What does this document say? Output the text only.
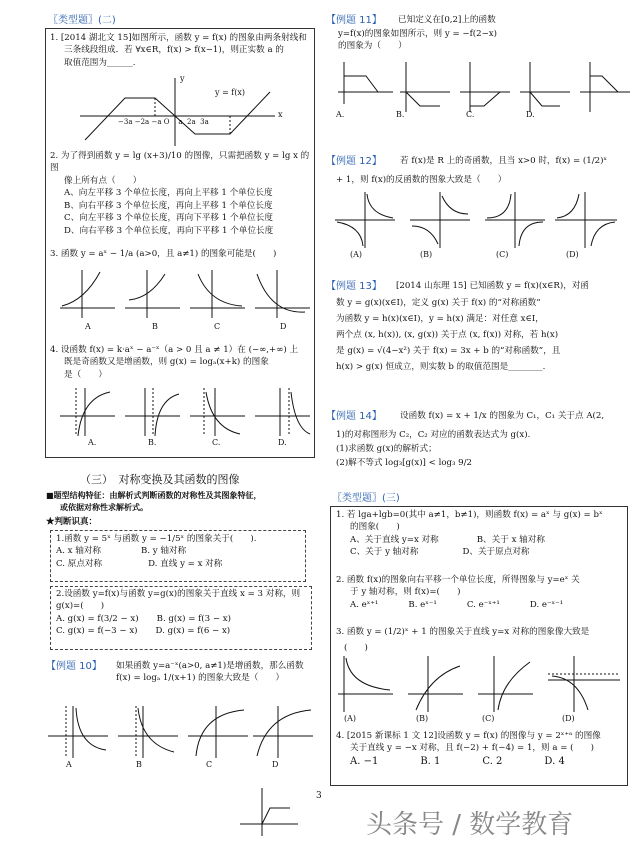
〖类型题〗(二)
1. [2014 湖北文 15]如图所示，函数 y = f(x) 的图象由两条射线和
三条线段组成．若 ∀x∈R，f(x) > f(x−1)，则正实数 a 的
取值范围为______.
y = f(x)
−3a −2a −a O a 2a 3a
x
y
2. 为了得到函数 y = lg (x+3)/10 的图像，只需把函数 y = lg x 的图
像上所有点（　　）
A、向左平移 3 个单位长度，再向上平移 1 个单位长度
B、向右平移 3 个单位长度，再向上平移 1 个单位长度
C、向左平移 3 个单位长度，再向下平移 1 个单位长度
D、向右平移 3 个单位长度，再向下平移 1 个单位长度
3. 函数 y = aˣ − 1/a (a>0，且 a≠1) 的图象可能是(　　)
A	B	C	D
4. 设函数 f(x) = k·aˣ − a⁻ˣ（a > 0 且 a ≠ 1）在 (−∞,+∞) 上
既是奇函数又是增函数，则 g(x) = logₐ(x+k) 的图象
是（　　）
A.	B.	C.	D.
（三）　对称变换及其函数的图像
■题型结构特征：由解析式判断函数的对称性及其图象特征，
或依据对称性求解析式。
★判断识真：
1.函数 y = 5ˣ 与函数 y = −1/5ˣ 的图象关于(　　).
A. x 轴对称	B. y 轴对称
C. 原点对称	D. 直线 y = x 对称
2.设函数 y=f(x)与函数 y=g(x)的图象关于直线 x = 3 对称，则
g(x)=(　　)
A. g(x) = f(3/2 − x) B. g(x) = f(3 − x)
C. g(x) = f(−3 − x) D. g(x) = f(6 − x)
【例题 10】 如果函数 y=a⁻ˣ(a>0, a≠1)是增函数，那么函数
f(x) = logₐ 1/(x+1) 的图象大致是（　　）
A	B	C	D
3
【例题 11】 已知定义在[0,2]上的函数
y=f(x)的图象如图所示，则 y = −f(2−x)
的图象为（　　）
A.	B.	C.	D.
【例题 12】 若 f(x)是 R 上的奇函数，且当 x>0 时，f(x) = (1/2)ˣ
+ 1，则 f(x)的反函数的图象大致是（　　）
(A)	(B)	(C)	(D)
【例题 13】 [2014 山东理 15] 已知函数 y = f(x)(x∈R)，对函
数 y = g(x)(x∈I)，定义 g(x) 关于 f(x) 的“对称函数”
为函数 y = h(x)(x∈I)，y = h(x) 满足：对任意 x∈I，
两个点 (x, h(x)), (x, g(x)) 关于点 (x, f(x)) 对称，若 h(x)
是 g(x) = √(4−x²) 关于 f(x) = 3x + b 的“对称函数”，且
h(x) > g(x) 恒成立，则实数 b 的取值范围是________.
【例题 14】 设函数 f(x) = x + 1/x 的图象为 C₁，C₁ 关于点 A(2,
1)的对称图形为 C₂，C₂ 对应的函数表达式为 g(x).
(1)求函数 g(x)的解析式；
(2)解不等式 log₃[g(x)] < log₃ 9/2
〖类型题〗(三)
1. 若 lga+lgb=0(其中 a≠1，b≠1)，则函数 f(x) = aˣ 与 g(x) = bˣ
的图象(　　)
A、关于直线 y=x 对称	B、关于 x 轴对称
C、关于 y 轴对称	D、关于原点对称
2. 函数 f(x)的图象向右平移一个单位长度，所得图象与 y=eˣ 关
于 y 轴对称，则 f(x)=(　　)
A. eˣ⁺¹	B. eˣ⁻¹	C. e⁻ˣ⁺¹	D. e⁻ˣ⁻¹
3. 函数 y = (1/2)ˣ + 1 的图象关于直线 y=x 对称的图象像大致是
(　　)
(A)	(B)	(C)	(D)
4. [2015 新课标 1 文 12]设函数 y = f(x) 的图像与 y = 2ˣ⁺ᵃ 的图像
关于直线 y = −x 对称，且 f(−2) + f(−4) = 1，则 a = (　　)
A. −1	B. 1	C. 2	D. 4
头条号 / 数学教育
